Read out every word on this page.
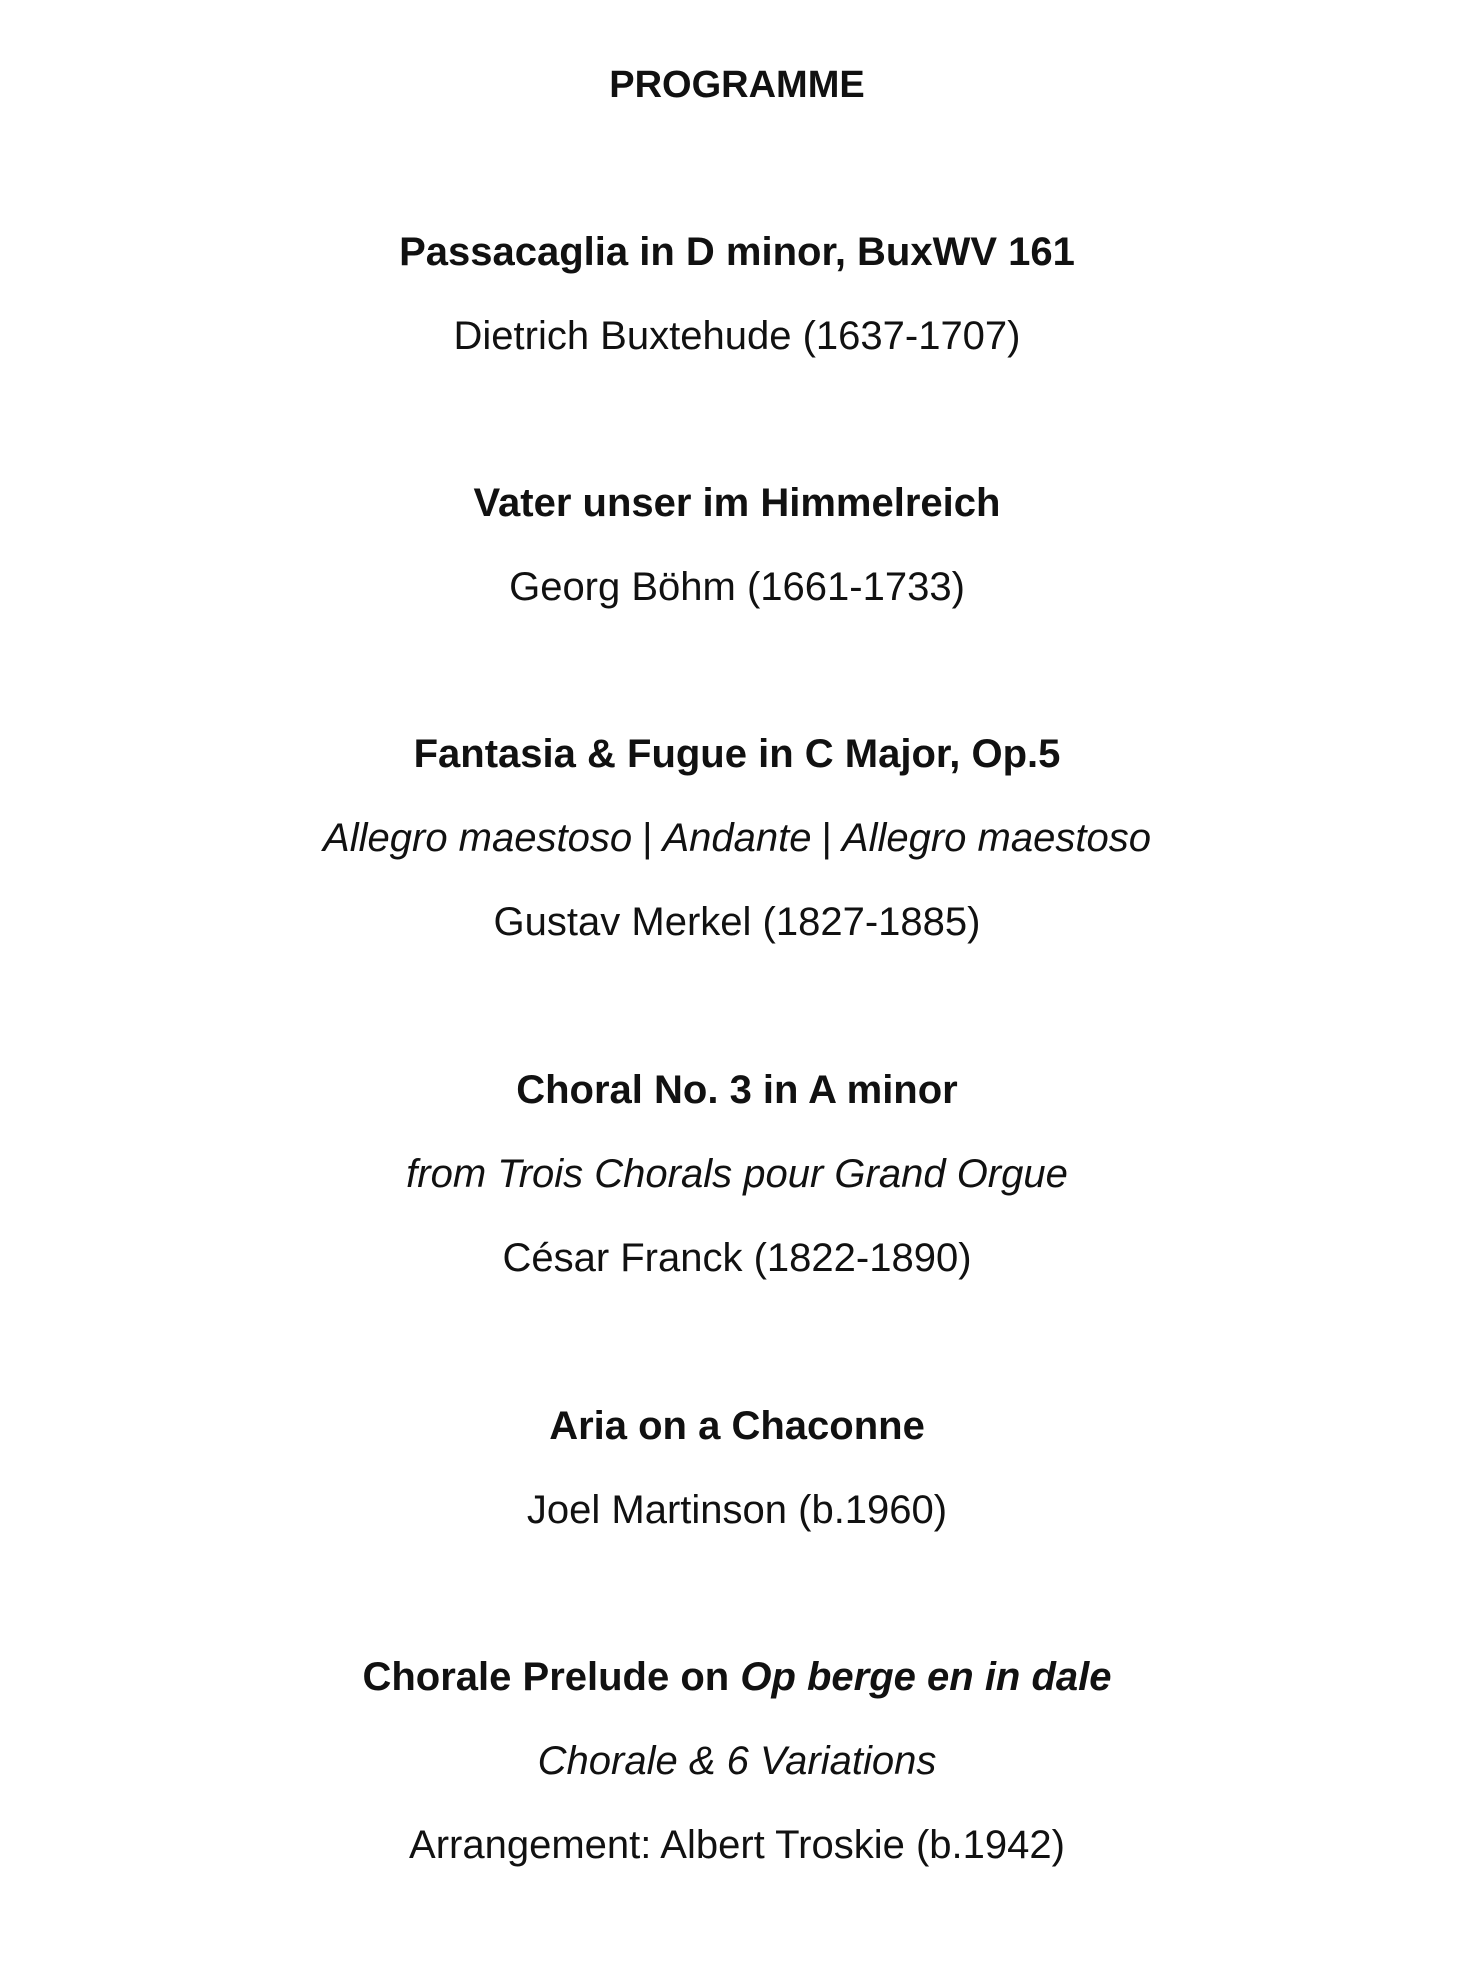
PROGRAMME
Passacaglia in D minor, BuxWV 161
Dietrich Buxtehude (1637-1707)
Vater unser im Himmelreich
Georg Böhm (1661-1733)
Fantasia & Fugue in C Major, Op.5
Allegro maestoso | Andante | Allegro maestoso
Gustav Merkel (1827-1885)
Choral No. 3 in A minor
from Trois Chorals pour Grand Orgue
César Franck (1822-1890)
Aria on a Chaconne
Joel Martinson (b.1960)
Chorale Prelude on Op berge en in dale
Chorale & 6 Variations
Arrangement: Albert Troskie (b.1942)
